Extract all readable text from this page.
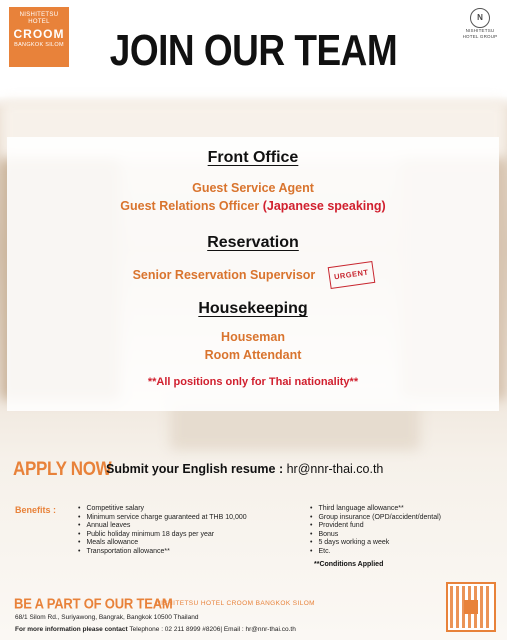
NISHITETSU
HOTEL
CROOM
BANGKOK SILOM	JOIN OUR TEAM
N
NISHITETSU
HOTEL GROUP
Front Office
Guest Service Agent
Guest Relations Officer (Japanese speaking)
Reservation
Senior Reservation Supervisor URGENT
Housekeeping
Houseman
Room Attendant
**All positions only for Thai nationality**
APPLY NOW
Submit your English resume : hr@nnr-thai.co.th
Benefits :
•	Competitive salary
• Minimum service charge guaranteed at THB 10,000
• Annual leaves
• Public holiday minimum 18 days per year
• Meals allowance
• Transportation allowance**
• Third language allowance**
• Group insurance (OPD/accident/dental)
• Provident fund
• Bonus
• 5 days working a week
• Etc.
**Conditions Applied
BE A PART OF OUR TEAM
NISHITETSU HOTEL CROOM BANGKOK SILOM
68/1 Silom Rd., Suriyawong, Bangrak, Bangkok 10500 Thailand
For more information please contact Telephone : 02 211 8999 #8206| Email : hr@nnr-thai.co.th
